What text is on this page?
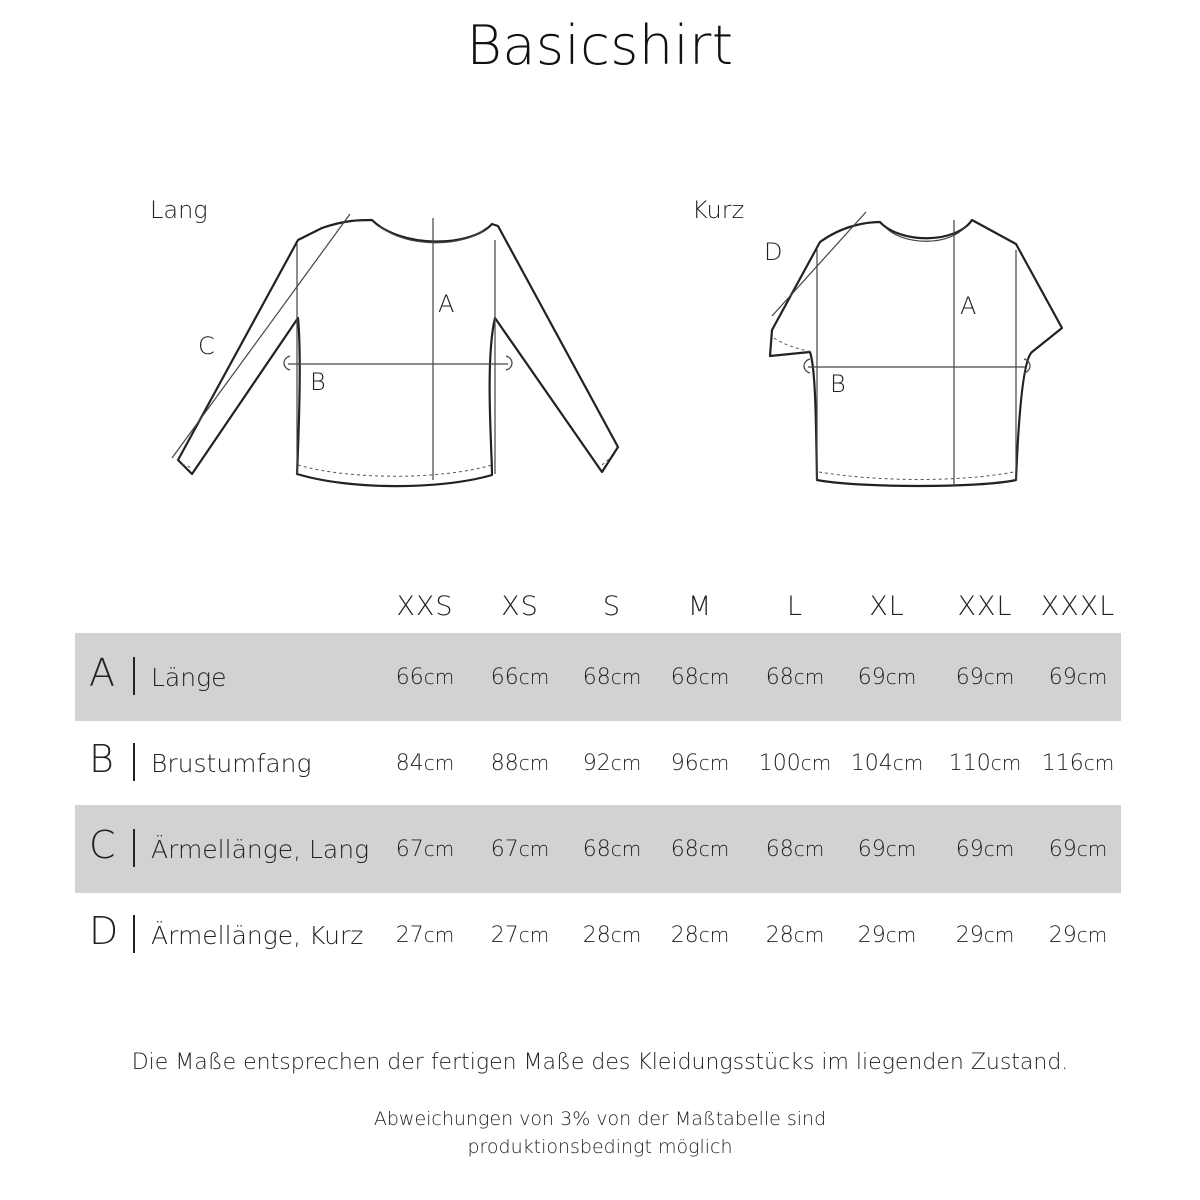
Basicshirt
Lang
A
B
C
Kurz
A
B
D
XXS XS S M	L XL XXL XXXL
A Länge	66cm 66cm 68cm 68cm 68cm 69cm 69cm 69cm
B Brustumfang	84cm 88cm 92cm 96cm 100cm 104cm 110cm 116cm
C Ärmellänge, Lang 67cm 67cm 68cm 68cm 68cm 69cm 69cm 69cm
D Ärmellänge, Kurz 27cm 27cm 28cm 28cm 28cm 29cm 29cm 29cm
Die Maße entsprechen der fertigen Maße des Kleidungsstücks im liegenden Zustand.
Abweichungen von 3% von der Maßtabelle sind
produktionsbedingt möglich
